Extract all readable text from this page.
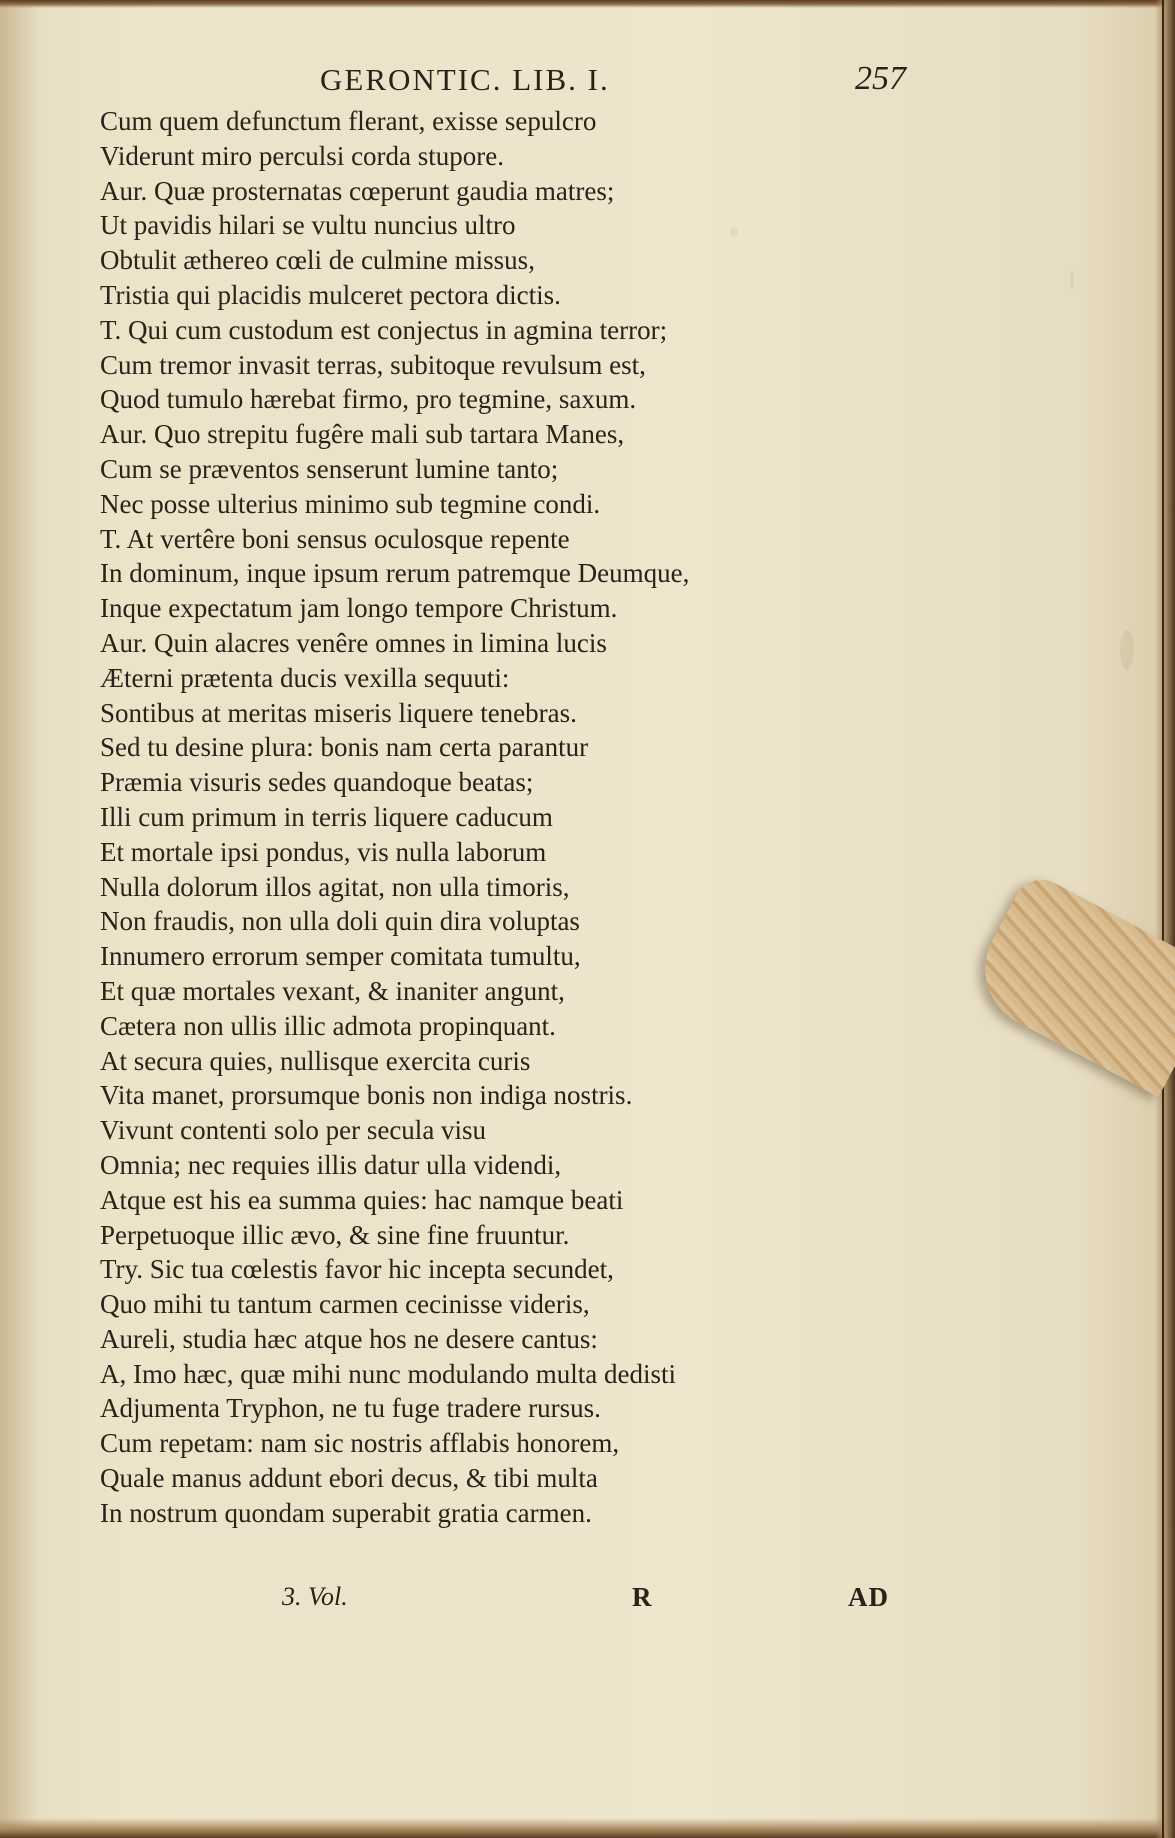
GERONTIC. LIB. I.	257
Cum quem defunctum flerant, exisse sepulcro
Viderunt miro perculsi corda stupore.
Aur. Quæ prosternatas cœperunt gaudia matres;
Ut pavidis hilari se vultu nuncius ultro
Obtulit æthereo cœli de culmine missus,
Tristia qui placidis mulceret pectora dictis.
T. Qui cum custodum est conjectus in agmina terror;
Cum tremor invasit terras, subitoque revulsum est,
Quod tumulo hærebat firmo, pro tegmine, saxum.
Aur. Quo strepitu fugêre mali sub tartara Manes,
Cum se præventos senserunt lumine tanto;
Nec posse ulterius minimo sub tegmine condi.
T. At vertêre boni sensus oculosque repente
In dominum, inque ipsum rerum patremque Deumque,
Inque expectatum jam longo tempore Christum.
Aur. Quin alacres venêre omnes in limina lucis
Æterni prætenta ducis vexilla sequuti:
Sontibus at meritas miseris liquere tenebras.
Sed tu desine plura: bonis nam certa parantur
Præmia visuris sedes quandoque beatas;
Illi cum primum in terris liquere caducum
Et mortale ipsi pondus, vis nulla laborum
Nulla dolorum illos agitat, non ulla timoris,
Non fraudis, non ulla doli quin dira voluptas
Innumero errorum semper comitata tumultu,
Et quæ mortales vexant, & inaniter angunt,
Cætera non ullis illic admota propinquant.
At secura quies, nullisque exercita curis
Vita manet, prorsumque bonis non indiga nostris.
Vivunt contenti solo per secula visu
Omnia; nec requies illis datur ulla videndi,
Atque est his ea summa quies: hac namque beati
Perpetuoque illic ævo, & sine fine fruuntur.
Try. Sic tua cœlestis favor hic incepta secundet,
Quo mihi tu tantum carmen cecinisse videris,
Aureli, studia hæc atque hos ne desere cantus:
A, Imo hæc, quæ mihi nunc modulando multa dedisti
Adjumenta Tryphon, ne tu fuge tradere rursus.
Cum repetam: nam sic nostris afflabis honorem,
Quale manus addunt ebori decus, & tibi multa
In nostrum quondam superabit gratia carmen.
3. Vol.	R	AD
